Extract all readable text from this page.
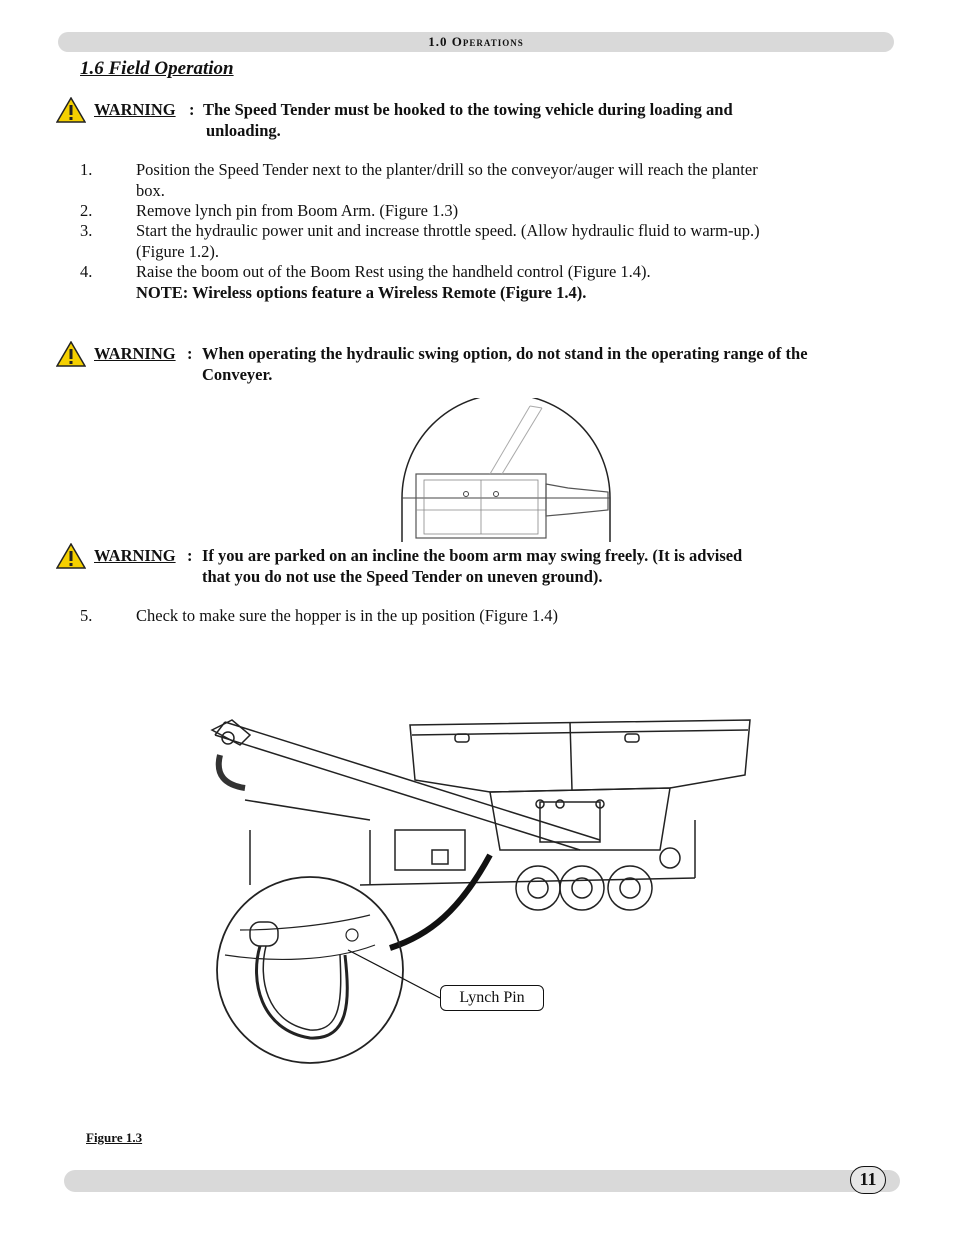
1.0 Operations
1.6 Field Operation
WARNING : The Speed Tender must be hooked to the towing vehicle during loading and
unloading.
1.	Position the Speed Tender next to the planter/drill so the conveyor/auger will reach the planter
box.
2.	Remove lynch pin from Boom Arm. (Figure 1.3)
3.	Start the hydraulic power unit and increase throttle speed. (Allow hydraulic fluid to warm-up.)
(Figure 1.2).
4.	Raise the boom out of the Boom Rest using the handheld control (Figure 1.4).
NOTE: Wireless options feature a Wireless Remote (Figure 1.4).
WARNING : When operating the hydraulic swing option, do not stand in the operating range of the
Conveyer.
WARNING : If you are parked on an incline the boom arm may swing freely. (It is advised
that you do not use the Speed Tender on uneven ground).
5.	Check to make sure the hopper is in the up position (Figure 1.4)
Lynch Pin
Figure 1.3
11
